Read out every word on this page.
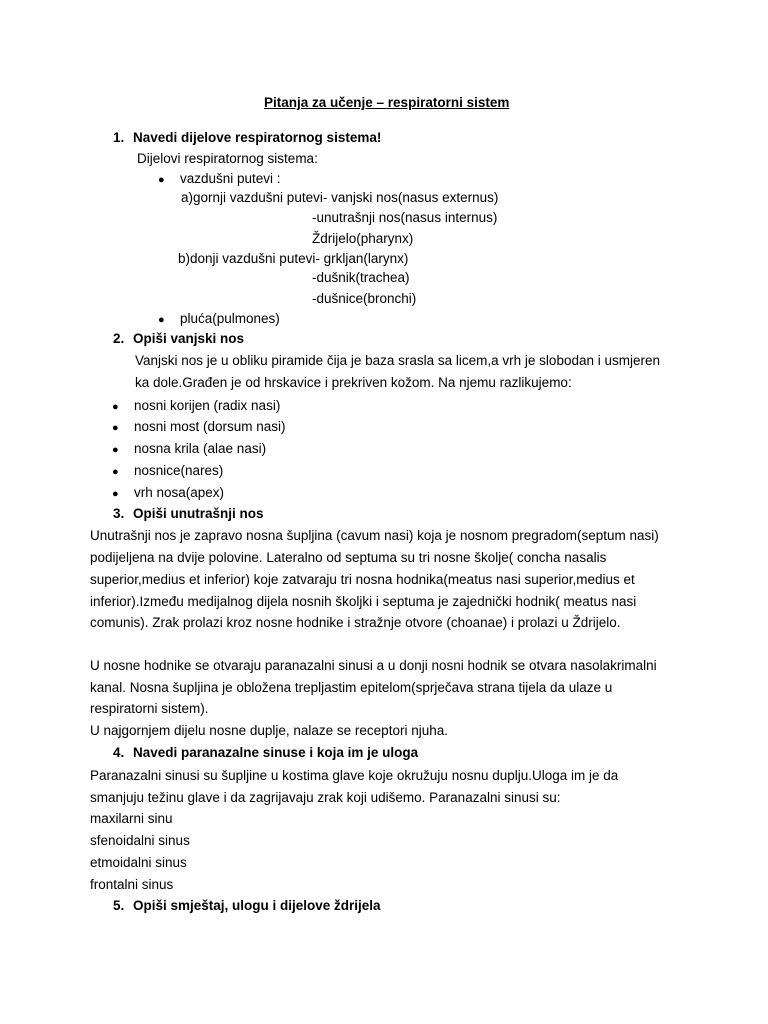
Pitanja za učenje – respiratorni sistem
1. Navedi dijelove respiratornog sistema!
Dijelovi respiratornog sistema:
● vazdušni putevi :
a)gornji vazdušni putevi- vanjski nos(nasus externus)
-unutrašnji nos(nasus internus)
Ždrijelo(pharynx)
b)donji vazdušni putevi- grkljan(larynx)
-dušnik(trachea)
-dušnice(bronchi)
● pluća(pulmones)
2. Opiši vanjski nos
Vanjski nos je u obliku piramide čija je baza srasla sa licem,a vrh je slobodan i usmjeren
ka dole.Građen je od hrskavice i prekriven kožom. Na njemu razlikujemo:
● nosni korijen (radix nasi)
● nosni most (dorsum nasi)
● nosna krila (alae nasi)
● nosnice(nares)
● vrh nosa(apex)
3. Opiši unutrašnji nos
Unutrašnji nos je zapravo nosna šupljina (cavum nasi) koja je nosnom pregradom(septum nasi)
podijeljena na dvije polovine. Lateralno od septuma su tri nosne školje( concha nasalis
superior,medius et inferior) koje zatvaraju tri nosna hodnika(meatus nasi superior,medius et
inferior).Između medijalnog dijela nosnih školjki i septuma je zajednički hodnik( meatus nasi
comunis). Zrak prolazi kroz nosne hodnike i stražnje otvore (choanae) i prolazi u Ždrijelo.
U nosne hodnike se otvaraju paranazalni sinusi a u donji nosni hodnik se otvara nasolakrimalni
kanal. Nosna šupljina je obložena trepljastim epitelom(sprječava strana tijela da ulaze u
respiratorni sistem).
U najgornjem dijelu nosne duplje, nalaze se receptori njuha.
4. Navedi paranazalne sinuse i koja im je uloga
Paranazalni sinusi su šupljine u kostima glave koje okružuju nosnu duplju.Uloga im je da
smanjuju težinu glave i da zagrijavaju zrak koji udišemo. Paranazalni sinusi su:
maxilarni sinu
sfenoidalni sinus
etmoidalni sinus
frontalni sinus
5. Opiši smještaj, ulogu i dijelove ždrijela
